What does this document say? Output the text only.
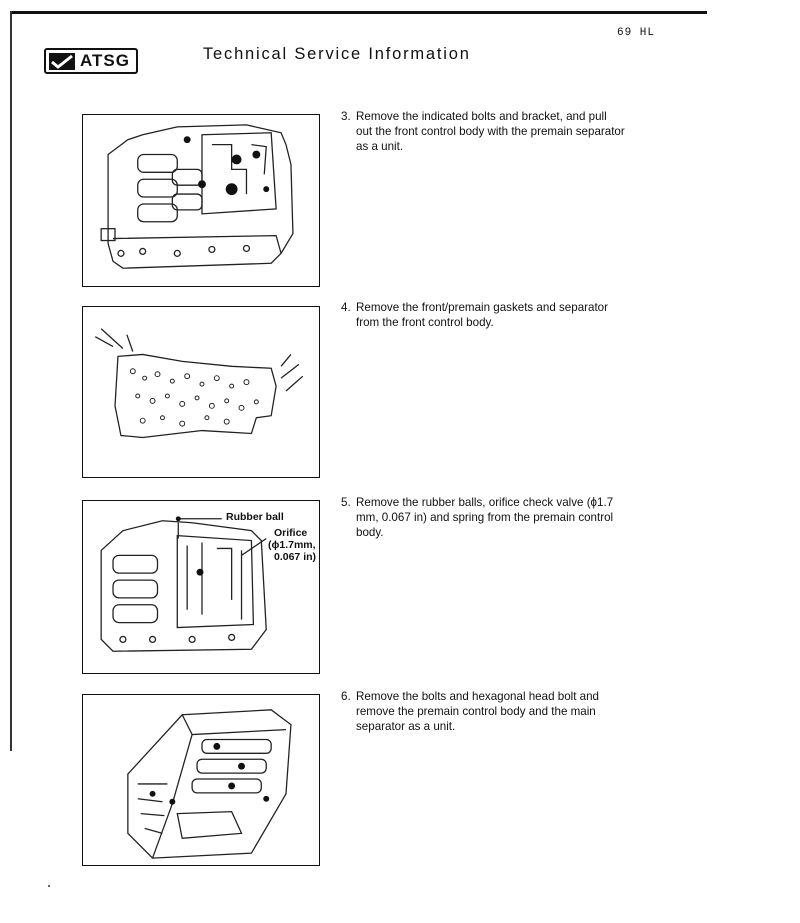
69 HL
ATSG	Technical Service Information
Rubber ball
Orifice
(ϕ1.7mm,
0.067 in)
3. Remove the indicated bolts and bracket, and pull out the front control body with the premain separator as a unit.
4. Remove the front/premain gaskets and separator from the front control body.
5. Remove the rubber balls, orifice check valve (ϕ1.7 mm, 0.067 in) and spring from the premain control body.
6. Remove the bolts and hexagonal head bolt and remove the premain control body and the main separator as a unit.
